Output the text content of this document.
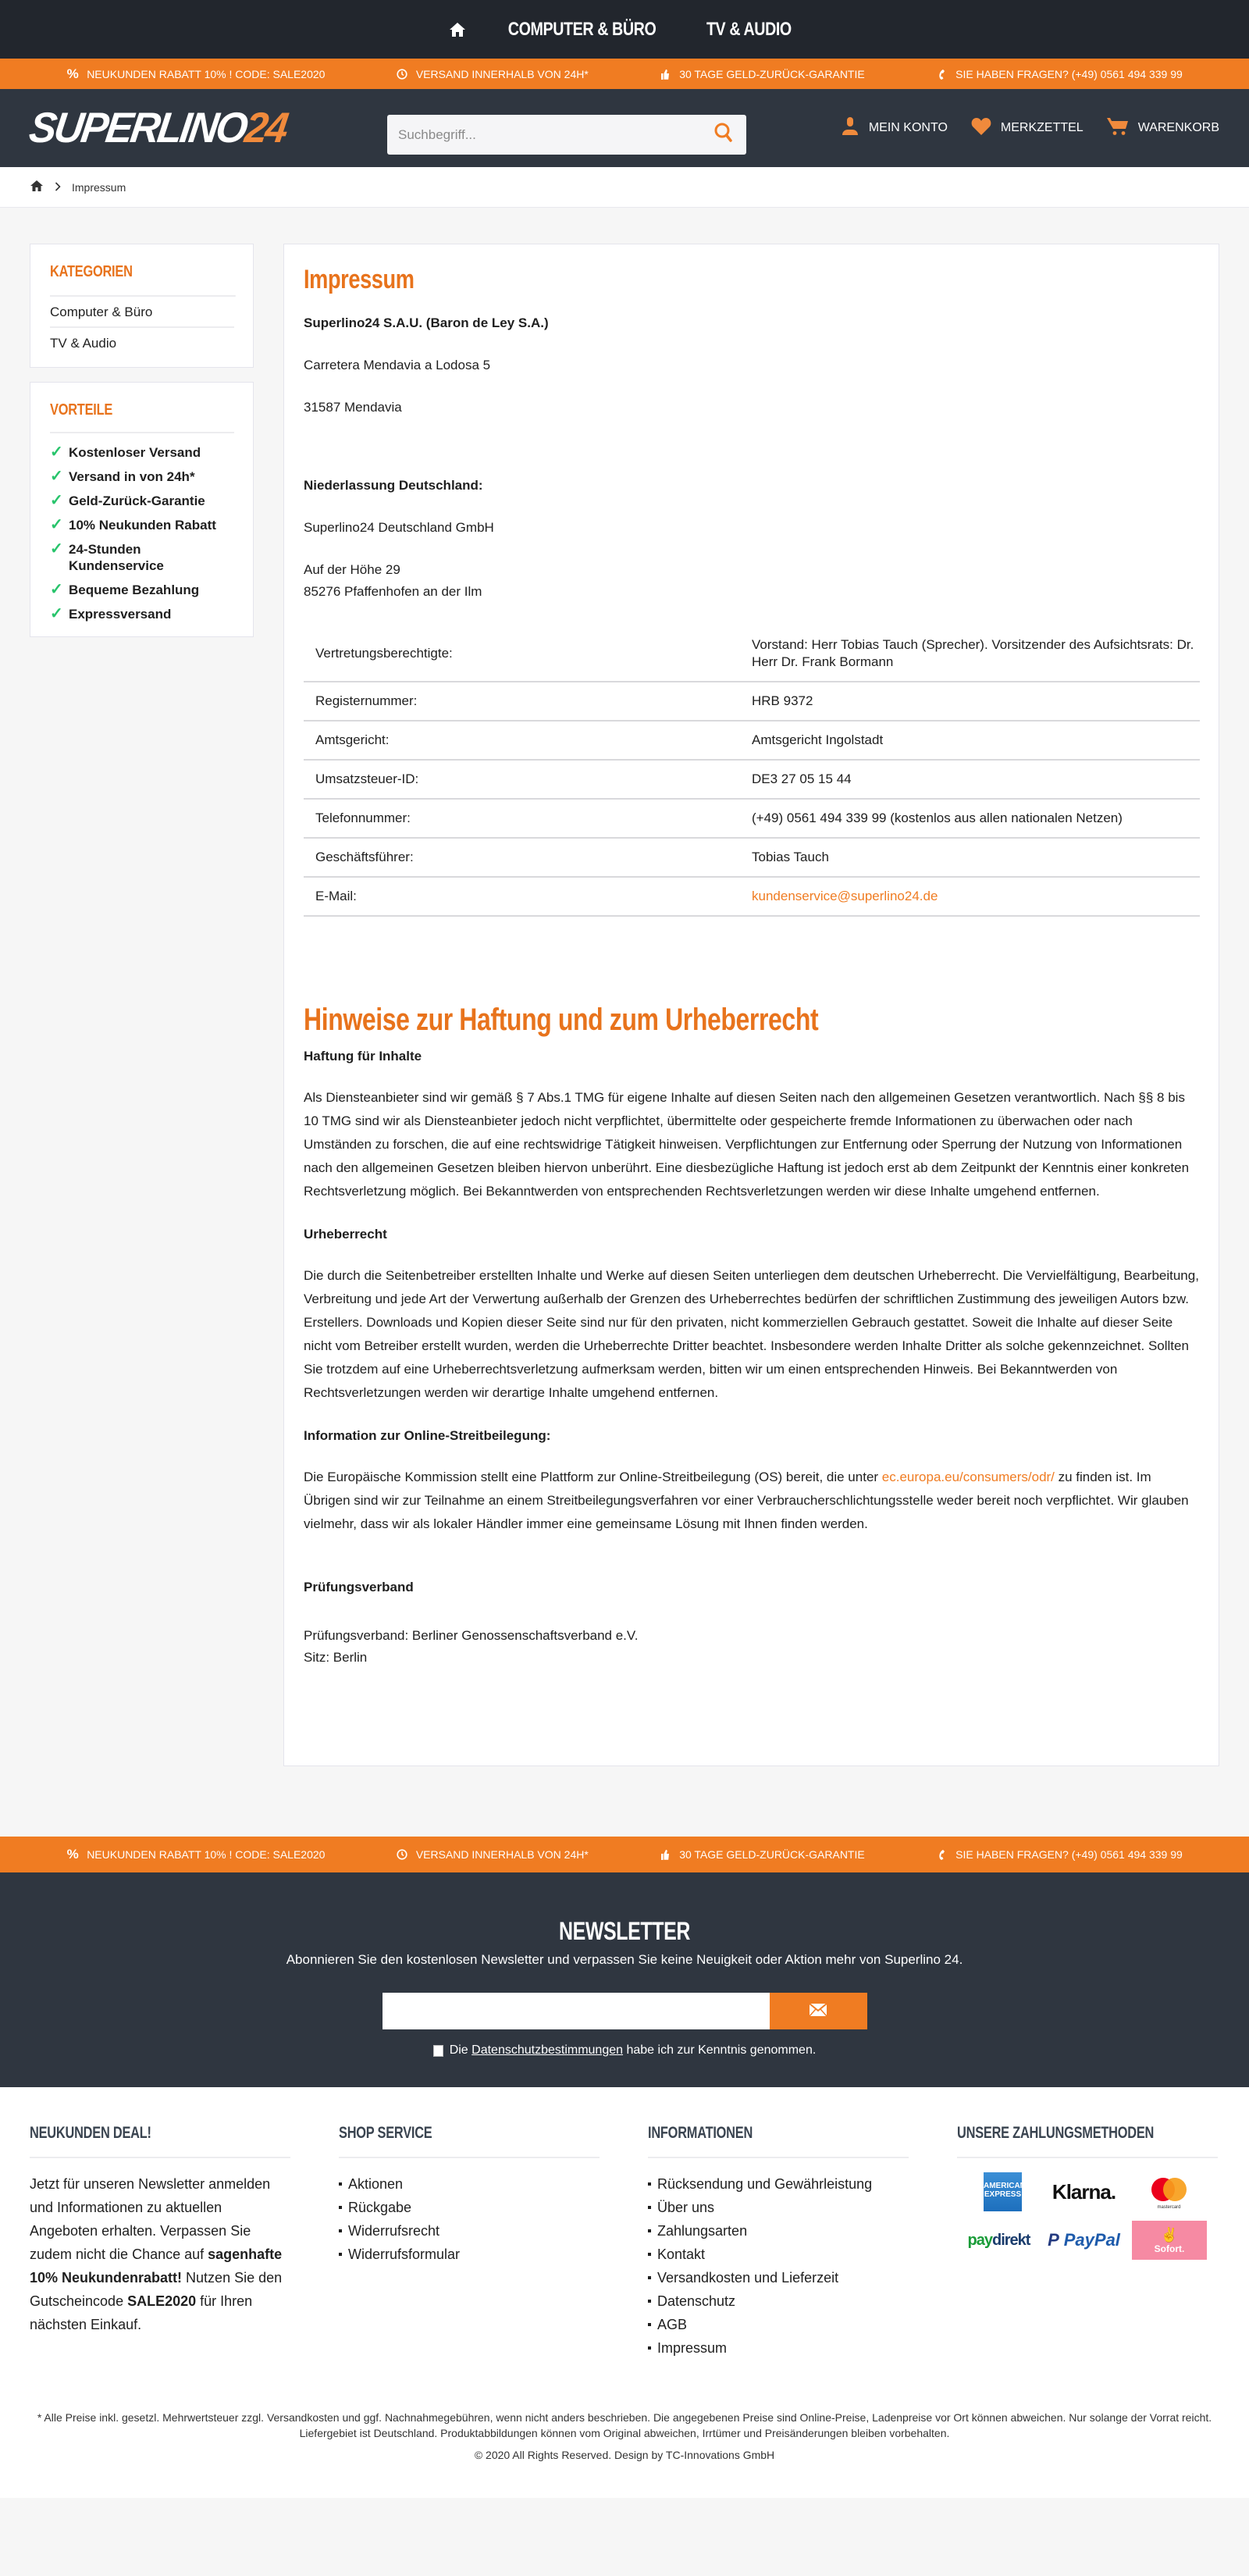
COMPUTER & BÜRO	TV & AUDIO
% NEUKUNDEN RABATT 10% ! CODE: SALE2020	VERSAND INNERHALB VON 24H*	30 TAGE GELD-ZURÜCK-GARANTIE	SIE HABEN FRAGEN? (+49) 0561 494 339 99
SUPERLINO
24
Suchbegriff...	MEIN KONTO	MERKZETTEL	WARENKORB
Impressum
KATEGORIEN
Computer & Büro
TV & Audio
VORTEILE
✓ Kostenloser Versand
✓ Versand in von 24h*
✓ Geld-Zurück-Garantie
✓ 10% Neukunden Rabatt
✓ 24-Stunden Kundenservice
✓ Bequeme Bezahlung
✓ Expressversand
Impressum

Superlino24 S.A.U. (Baron de Ley S.A.)

Carretera Mendavia a Lodosa 5

31587 Mendavia

Niederlassung Deutschland:

Superlino24 Deutschland GmbH

Auf der Höhe 29

85276 Pfaffenhofen an der Ilm

Vertretungsberechtigte:	Vorstand: Herr Tobias Tauch (Sprecher). Vorsitzender des Aufsichtsrats: Dr. Herr Dr. Frank Bormann
Registernummer:	HRB 9372
Amtsgericht:	Amtsgericht Ingolstadt
Umsatzsteuer-ID:	DE3 27 05 15 44
Telefonnummer:	(+49) 0561 494 339 99 (kostenlos aus allen nationalen Netzen)
Geschäftsführer:	Tobias Tauch
E-Mail:	kundenservice@superlino24.de
Hinweise zur Haftung und zum Urheberrecht

Haftung für Inhalte

Als Diensteanbieter sind wir gemäß § 7 Abs.1 TMG für eigene Inhalte auf diesen Seiten nach den allgemeinen Gesetzen verantwortlich. Nach §§ 8 bis 10 TMG sind wir als Diensteanbieter jedoch nicht verpflichtet, übermittelte oder gespeicherte fremde Informationen zu überwachen oder nach Umständen zu forschen, die auf eine rechtswidrige Tätigkeit hinweisen. Verpflichtungen zur Entfernung oder Sperrung der Nutzung von Informationen nach den allgemeinen Gesetzen bleiben hiervon unberührt. Eine diesbezügliche Haftung ist jedoch erst ab dem Zeitpunkt der Kenntnis einer konkreten Rechtsverletzung möglich. Bei Bekanntwerden von entsprechenden Rechtsverletzungen werden wir diese Inhalte umgehend entfernen.

Urheberrecht

Die durch die Seitenbetreiber erstellten Inhalte und Werke auf diesen Seiten unterliegen dem deutschen Urheberrecht. Die Vervielfältigung, Bearbeitung, Verbreitung und jede Art der Verwertung außerhalb der Grenzen des Urheberrechtes bedürfen der schriftlichen Zustimmung des jeweiligen Autors bzw. Erstellers. Downloads und Kopien dieser Seite sind nur für den privaten, nicht kommerziellen Gebrauch gestattet. Soweit die Inhalte auf dieser Seite nicht vom Betreiber erstellt wurden, werden die Urheberrechte Dritter beachtet. Insbesondere werden Inhalte Dritter als solche gekennzeichnet. Sollten Sie trotzdem auf eine Urheberrechtsverletzung aufmerksam werden, bitten wir um einen entsprechenden Hinweis. Bei Bekanntwerden von Rechtsverletzungen werden wir derartige Inhalte umgehend entfernen.

Information zur Online-Streitbeilegung:

Die Europäische Kommission stellt eine Plattform zur Online-Streitbeilegung (OS) bereit, die unter ec.europa.eu/consumers/odr/ zu finden ist. Im Übrigen sind wir zur Teilnahme an einem Streitbeilegungsverfahren vor einer Verbraucherschlichtungsstelle weder bereit noch verpflichtet. Wir glauben vielmehr, dass wir als lokaler Händler immer eine gemeinsame Lösung mit Ihnen finden werden.

Prüfungsverband

Prüfungsverband: Berliner Genossenschaftsverband e.V.

Sitz: Berlin

% NEUKUNDEN RABATT 10% ! CODE: SALE2020	VERSAND INNERHALB VON 24H*	30 TAGE GELD-ZURÜCK-GARANTIE	SIE HABEN FRAGEN? (+49) 0561 494 339 99
NEWSLETTER

Abonnieren Sie den kostenlosen Newsletter und verpassen Sie keine Neuigkeit oder Aktion mehr von Superlino 24.

Die Datenschutzbestimmungen habe ich zur Kenntnis genommen.
NEUKUNDEN DEAL!

Jetzt für unseren Newsletter anmelden und Informationen zu aktuellen Angeboten erhalten. Verpassen Sie zudem nicht die Chance auf sagenhafte 10% Neukundenrabatt! Nutzen Sie den Gutscheincode SALE2020 für Ihren nächsten Einkauf.

SHOP SERVICE
Aktionen
Rückgabe
Widerrufsrecht
Widerrufsformular
INFORMATIONEN
Rücksendung und Gewährleistung
Über uns
Zahlungsarten
Kontakt
Versandkosten und Lieferzeit
Datenschutz
AGB
Impressum
UNSERE ZAHLUNGSMETHODEN
AMERICAN EXPRESS Klarna.
mastercard
pay direkt P PayPal	✌
Sofort.

* Alle Preise inkl. gesetzl. Mehrwertsteuer zzgl. Versandkosten und ggf. Nachnahmegebühren, wenn nicht anders beschrieben. Die angegebenen Preise sind Online-Preise, Ladenpreise vor Ort können abweichen. Nur solange der Vorrat reicht. Liefergebiet ist Deutschland. Produktabbildungen können vom Original abweichen, Irrtümer und Preisänderungen bleiben vorbehalten.

© 2020 All Rights Reserved. Design by TC-Innovations GmbH
